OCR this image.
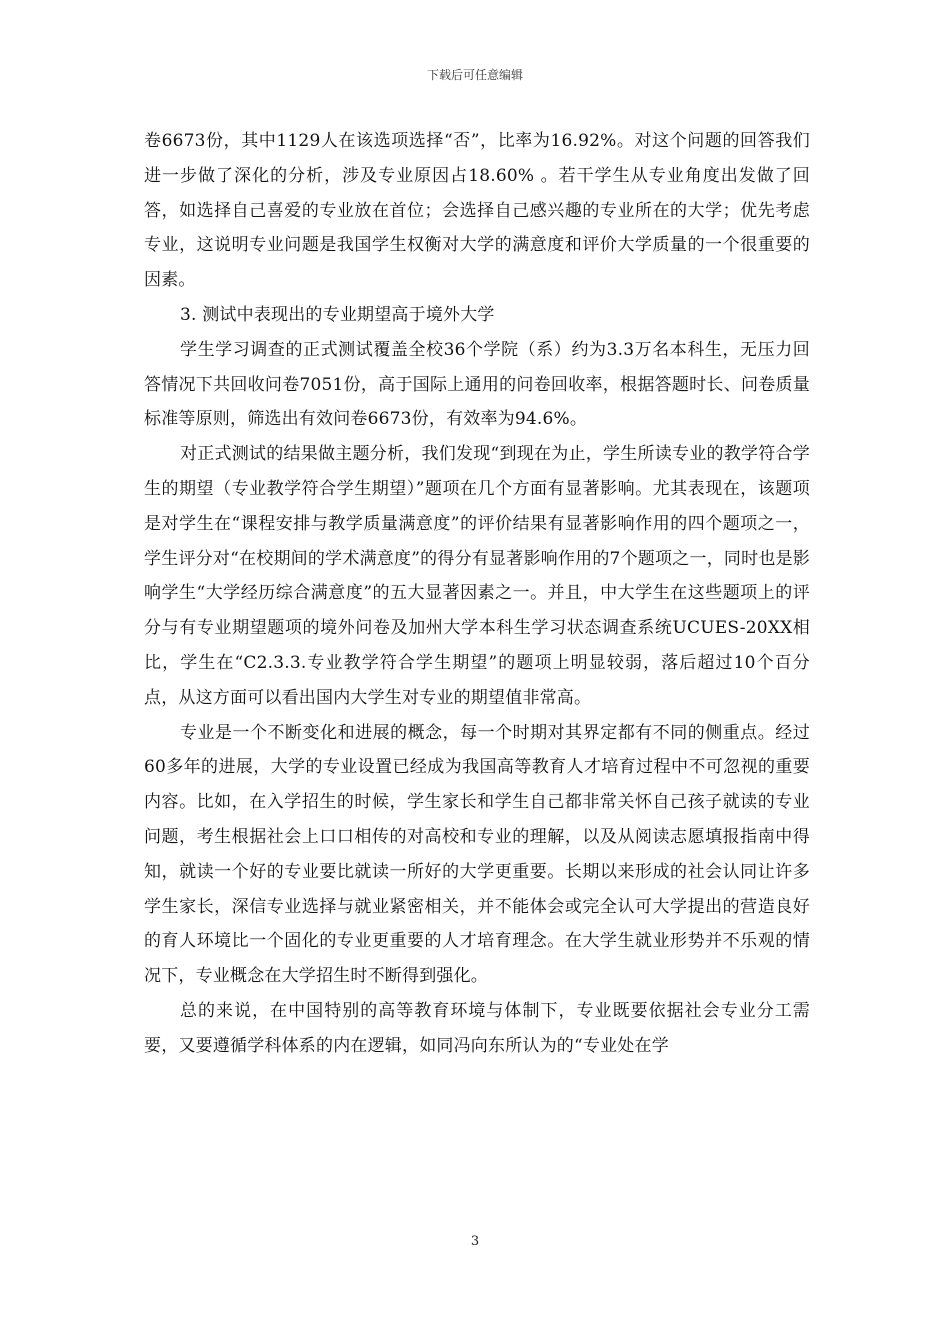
下载后可任意编辑

卷6673份，其中1129人在该选项选择“否”，比率为16.92%。对这个问题的回答我们进一步做了深化的分析，涉及专业原因占18.60% 。若干学生从专业角度出发做了回答，如选择自己喜爱的专业放在首位；会选择自己感兴趣的专业所在的大学；优先考虑专业，这说明专业问题是我国学生权衡对大学的满意度和评价大学质量的一个很重要的因素。

3. 测试中表现出的专业期望高于境外大学

学生学习调查的正式测试覆盖全校36个学院（系）约为3.3万名本科生，无压力回答情况下共回收问卷7051份，高于国际上通用的问卷回收率，根据答题时长、问卷质量标准等原则，筛选出有效问卷6673份，有效率为94.6%。

对正式测试的结果做主题分析，我们发现“到现在为止，学生所读专业的教学符合学生的期望（专业教学符合学生期望）”题项在几个方面有显著影响。尤其表现在，该题项是对学生在“课程安排与教学质量满意度”的评价结果有显著影响作用的四个题项之一，学生评分对“在校期间的学术满意度”的得分有显著影响作用的7个题项之一，同时也是影响学生“大学经历综合满意度”的五大显著因素之一。并且，中大学生在这些题项上的评分与有专业期望题项的境外问卷及加州大学本科生学习状态调查系统UCUES-20XX相比，学生在“C2.3.3.专业教学符合学生期望”的题项上明显较弱，落后超过10个百分点，从这方面可以看出国内大学生对专业的期望值非常高。

专业是一个不断变化和进展的概念，每一个时期对其界定都有不同的侧重点。经过60多年的进展，大学的专业设置已经成为我国高等教育人才培育过程中不可忽视的重要内容。比如，在入学招生的时候，学生家长和学生自己都非常关怀自己孩子就读的专业问题，考生根据社会上口口相传的对高校和专业的理解，以及从阅读志愿填报指南中得知，就读一个好的专业要比就读一所好的大学更重要。长期以来形成的社会认同让许多学生家长，深信专业选择与就业紧密相关，并不能体会或完全认可大学提出的营造良好的育人环境比一个固化的专业更重要的人才培育理念。在大学生就业形势并不乐观的情况下，专业概念在大学招生时不断得到强化。

总的来说，在中国特别的高等教育环境与体制下，专业既要依据社会专业分工需要，又要遵循学科体系的内在逻辑，如同冯向东所认为的“专业处在学

3
